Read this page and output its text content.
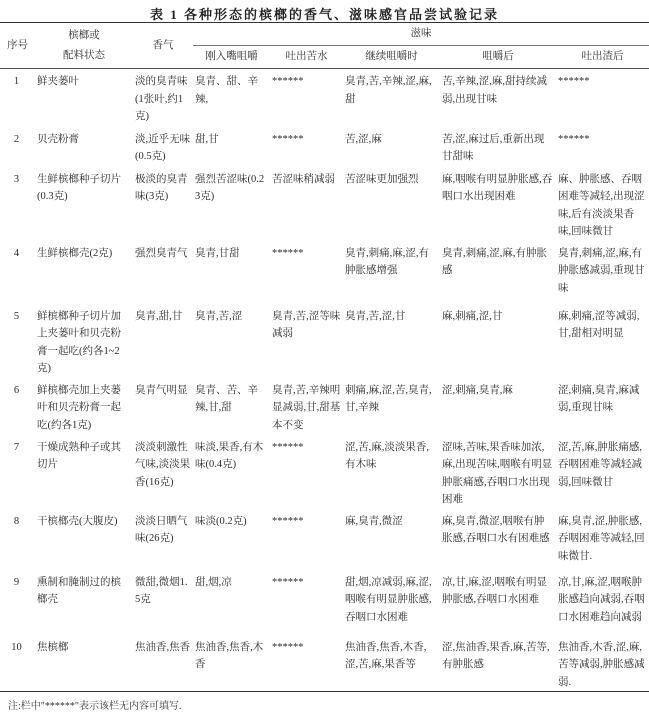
表 1 各种形态的槟榔的香气、滋味感官品尝试验记录
序号	槟榔或
配料状态	香气	滋味				
			刚入嘴咀嚼	吐出苦水	继续咀嚼时	咀嚼后	吐出渣后
1	鲜夹蒌叶	淡的臭青味(1张叶,约1克)	臭青、甜、辛辣,	******	臭青,苦,辛辣,涩,麻,甜	苦,辛辣,涩,麻,甜持续减弱,出现甘味	******
2	贝壳粉膏	淡,近乎无味(0.5克)	甜,甘	******	苦,涩,麻	苦,涩,麻过后,重新出现甘甜味	******
3	生鲜槟榔种子切片(0.3克)	极淡的臭青味(3克)	强烈苦涩味(0.23克)	苦涩味稍减弱	苦涩味更加强烈	麻,咽喉有明显肿胀感,吞咽口水出现困难	麻、肿胀感、吞咽困难等减轻,出现涩味,后有淡淡果香味,回味微甘
4	生鲜槟榔壳(2克)	强烈臭青气	臭青,甘甜	******	臭青,刺痛,麻,涩,有肿胀感增强	臭青,刺痛,涩,麻,有肿胀感	臭青,刺痛,涩,麻,有肿胀感减弱,重现甘味
5	鲜槟榔种子切片加上夹蒌叶和贝壳粉膏一起吃(约各1~2克)	臭青,甜,甘	臭青,苦,涩	臭青,苦,涩等味减弱	臭青,苦,涩,甘	麻,刺痛,涩,甘	麻,刺痛,涩等减弱,甘,甜相对明显
6	鲜槟榔壳加上夹蒌叶和贝壳粉膏一起吃(约各1克)	臭青气明显	臭青、苦、辛辣,甘,甜	臭青,苦,辛辣明显减弱,甘,甜基本不变	刺痛,麻,涩,苦,臭青,甘,辛辣	涩,刺痛,臭青,麻	涩,刺痛,臭青,麻减弱,重现甘味
7	干燥成熟种子或其切片	淡淡刺激性气味,淡淡果香(16克)	味淡,果香,有木味(0.4克)	******	涩,苦,麻,淡淡果香,有木味	涩味,苦味,果香味加浓,麻,出现苦味,咽喉有明显肿胀痛感,吞咽口水出现困难	涩,苦,麻,肿胀痛感,吞咽困难等减轻减弱,回味微甘
8	干槟榔壳(大腹皮)	淡淡日晒气味(26克)	味淡(0.2克)	******	麻,臭青,微涩	麻,臭青,微涩,咽喉有肿胀感,吞咽口水有困难感	麻,臭青,涩,肿胀感,吞咽困难等减轻,回味微甘.
9	熏制和腌制过的槟榔壳	微甜,微烟1.5克	甜,烟,凉	******	甜,烟,凉减弱,麻,涩,咽喉有明显肿胀感,吞咽口水困难	凉,甘,麻,涩,咽喉有明显肿胀感,吞咽口水困难	凉,甘,麻,涩,咽喉肿胀感趋向减弱,吞咽口水困难趋向减弱
10	焦槟榔	焦油香,焦香	焦油香,焦香,木香	******	焦油香,焦香,木香,涩,苦,麻,果香等	涩,焦油香,果香,麻,苦等,有肿胀感	焦油香,木香,涩,麻,苦等减弱,肿胀感减弱.
注:栏中"******"表示该栏无内容可填写.
